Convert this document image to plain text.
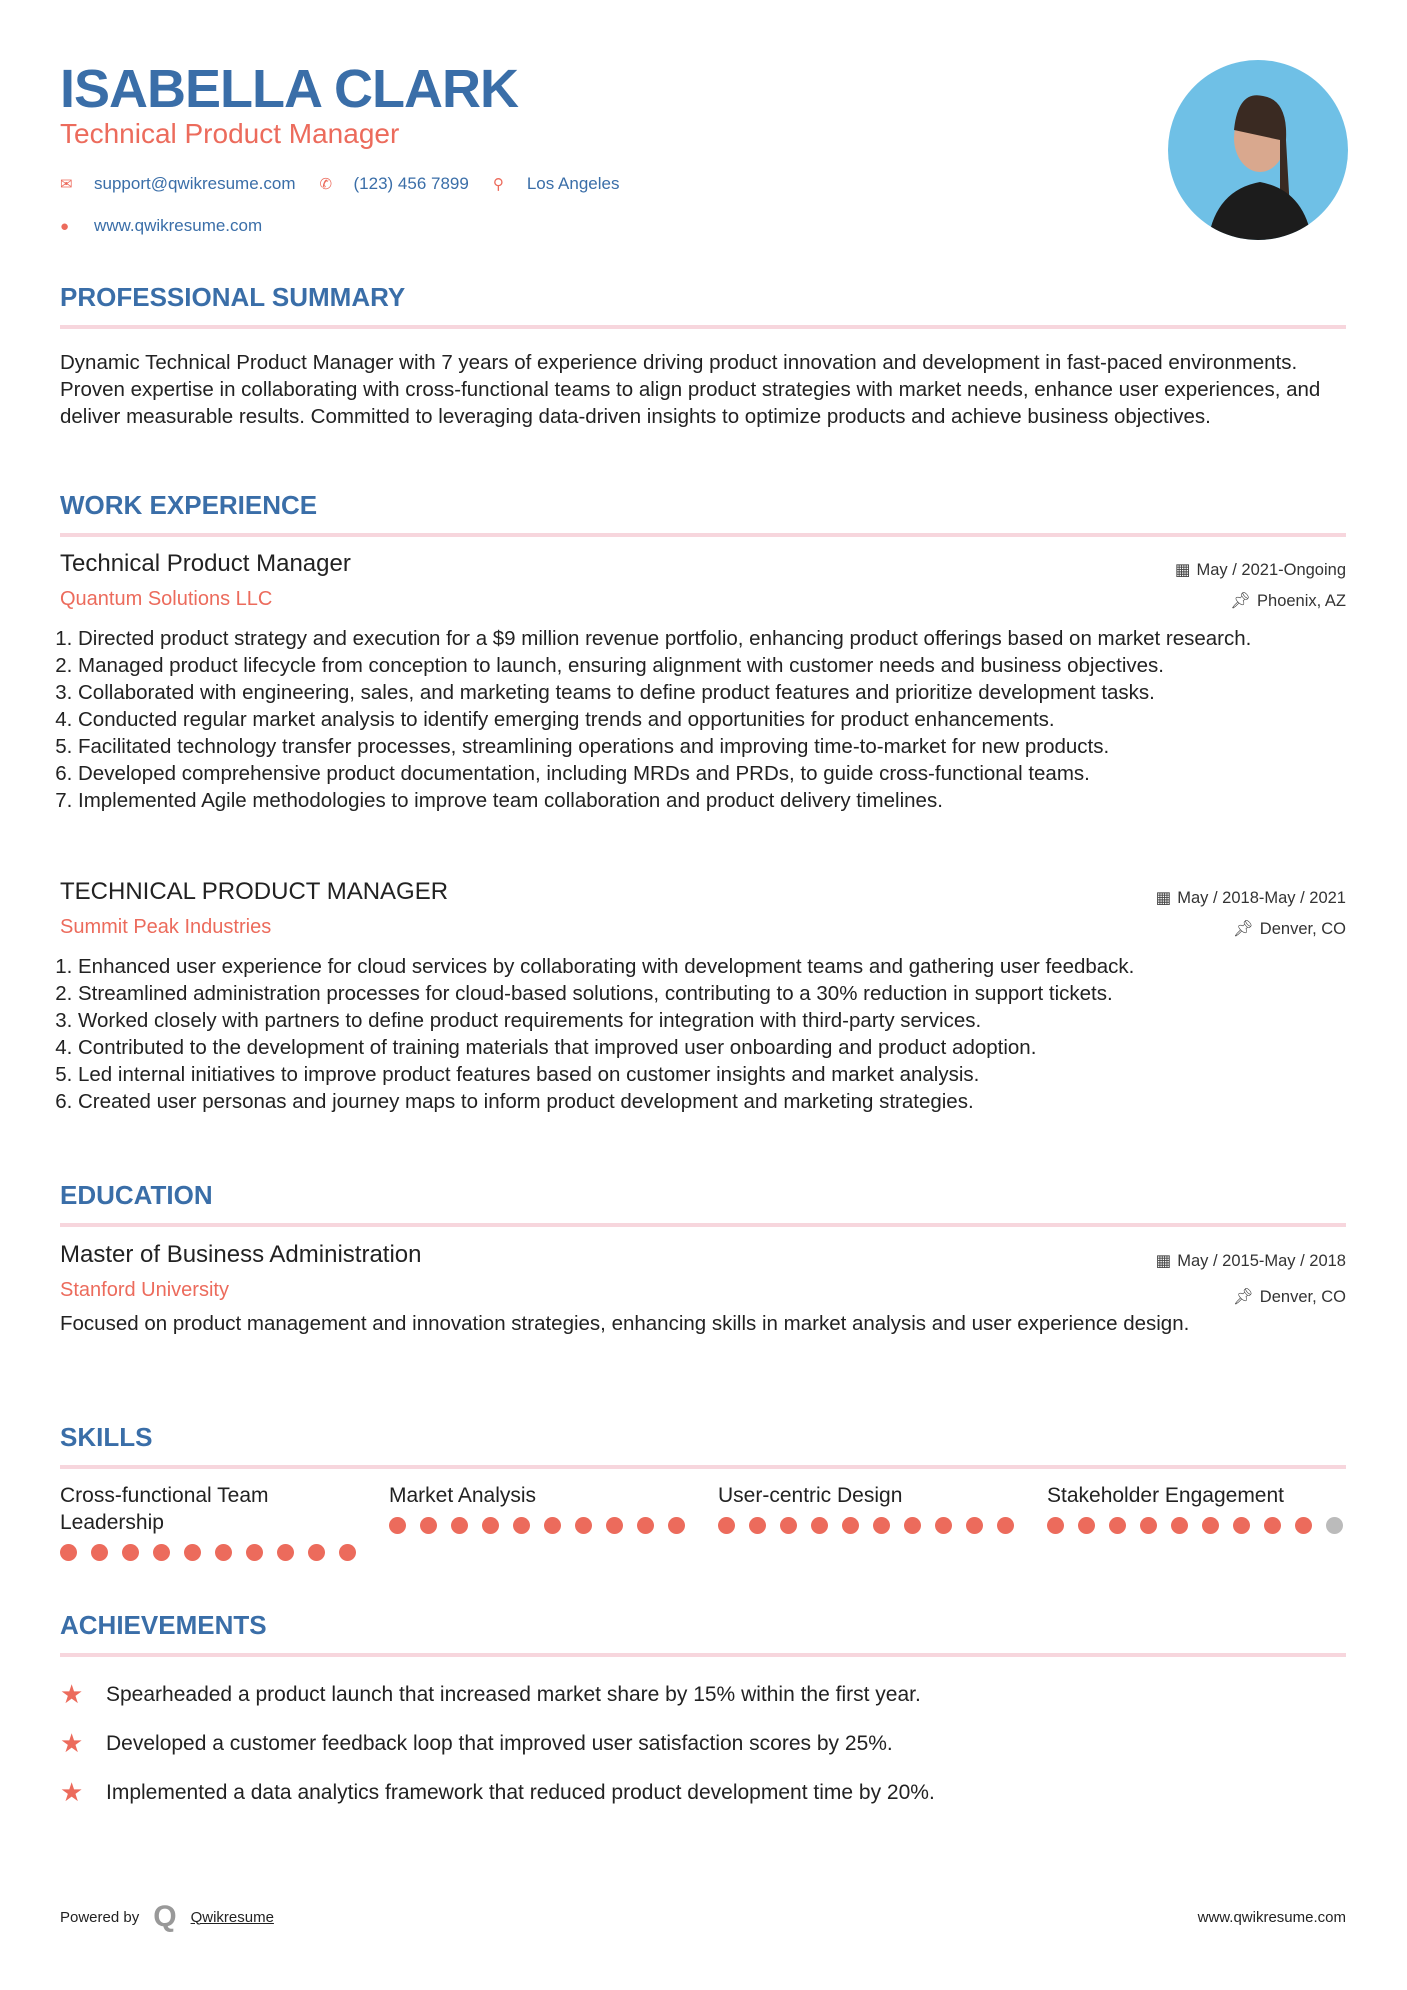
ISABELLA CLARK
Technical Product Manager
✉	support@qwikresume.com ✆	(123) 456 7899 ⚲	Los Angeles
●	www.qwikresume.com
PROFESSIONAL SUMMARY

Dynamic Technical Product Manager with 7 years of experience driving product innovation and development in fast-paced environments. Proven expertise in collaborating with cross-functional teams to align product strategies with market needs, enhance user experiences, and deliver measurable results. Committed to leveraging data-driven insights to optimize products and achieve business objectives.

WORK EXPERIENCE
Technical Product Manager
Quantum Solutions LLC
▦ May / 2021-Ongoing
📌︎ Phoenix, AZ
1. Directed product strategy and execution for a $9 million revenue portfolio, enhancing product offerings based on market research.
2. Managed product lifecycle from conception to launch, ensuring alignment with customer needs and business objectives.
3. Collaborated with engineering, sales, and marketing teams to define product features and prioritize development tasks.
4. Conducted regular market analysis to identify emerging trends and opportunities for product enhancements.
5. Facilitated technology transfer processes, streamlining operations and improving time-to-market for new products.
6. Developed comprehensive product documentation, including MRDs and PRDs, to guide cross-functional teams.
7. Implemented Agile methodologies to improve team collaboration and product delivery timelines.
TECHNICAL PRODUCT MANAGER
Summit Peak Industries
▦ May / 2018-May / 2021
📌︎ Denver, CO
1. Enhanced user experience for cloud services by collaborating with development teams and gathering user feedback.
2. Streamlined administration processes for cloud-based solutions, contributing to a 30% reduction in support tickets.
3. Worked closely with partners to define product requirements for integration with third-party services.
4. Contributed to the development of training materials that improved user onboarding and product adoption.
5. Led internal initiatives to improve product features based on customer insights and market analysis.
6. Created user personas and journey maps to inform product development and marketing strategies.
EDUCATION
Master of Business Administration
Stanford University
▦ May / 2015-May / 2018
📌︎ Denver, CO

Focused on product management and innovation strategies, enhancing skills in market analysis and user experience design.

SKILLS
Cross-functional Team Leadership
Market Analysis	User-centric Design	Stakeholder Engagement
ACHIEVEMENTS
★	Spearheaded a product launch that increased market share by 15% within the first year.
★	Developed a customer feedback loop that improved user satisfaction scores by 25%.
★	Implemented a data analytics framework that reduced product development time by 20%.
Powered by Q Qwikresume	www.qwikresume.com
